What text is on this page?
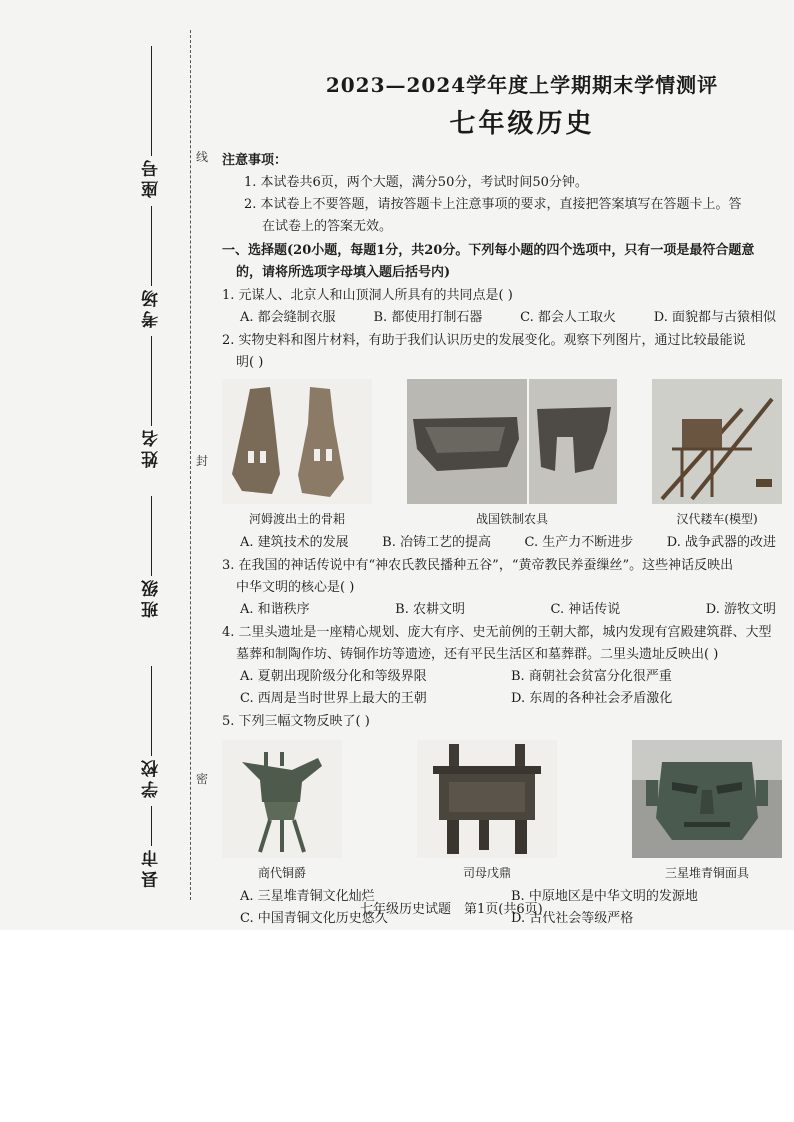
线
封
密
座号
考场
姓名
班级
学校
县市
2023—2024学年度上学期期末学情测评
七年级历史
注意事项：
1. 本试卷共6页，两个大题，满分50分，考试时间50分钟。
2. 本试卷上不要答题，请按答题卡上注意事项的要求，直接把答案填写在答题卡上。答
在试卷上的答案无效。
一、选择题(20小题，每题1分，共20分。下列每小题的四个选项中，只有一项是最符合题意
的，请将所选项字母填入题后括号内)
1. 元谋人、北京人和山顶洞人所具有的共同点是( )
A. 都会缝制衣服	B. 都使用打制石器	C. 都会人工取火	D. 面貌都与古猿相似
2. 实物史料和图片材料，有助于我们认识历史的发展变化。观察下列图片，通过比较最能说
明( )
河姆渡出土的骨耜	战国铁制农具	汉代耧车(模型)
A. 建筑技术的发展	B. 冶铸工艺的提高	C. 生产力不断进步	D. 战争武器的改进
3. 在我国的神话传说中有“神农氏教民播种五谷”，“黄帝教民养蚕缫丝”。这些神话反映出
中华文明的核心是( )
A. 和谐秩序	B. 农耕文明	C. 神话传说	D. 游牧文明
4. 二里头遗址是一座精心规划、庞大有序、史无前例的王朝大都，城内发现有宫殿建筑群、大型
墓葬和制陶作坊、铸铜作坊等遗迹，还有平民生活区和墓葬群。二里头遗址反映出( )
A. 夏朝出现阶级分化和等级界限	B. 商朝社会贫富分化很严重
C. 西周是当时世界上最大的王朝	D. 东周的各种社会矛盾激化
5. 下列三幅文物反映了( )
商代铜爵	司母戊鼎	三星堆青铜面具
A. 三星堆青铜文化灿烂	B. 中原地区是中华文明的发源地
C. 中国青铜文化历史悠久	D. 古代社会等级严格
七年级历史试题　第1页(共6页)
